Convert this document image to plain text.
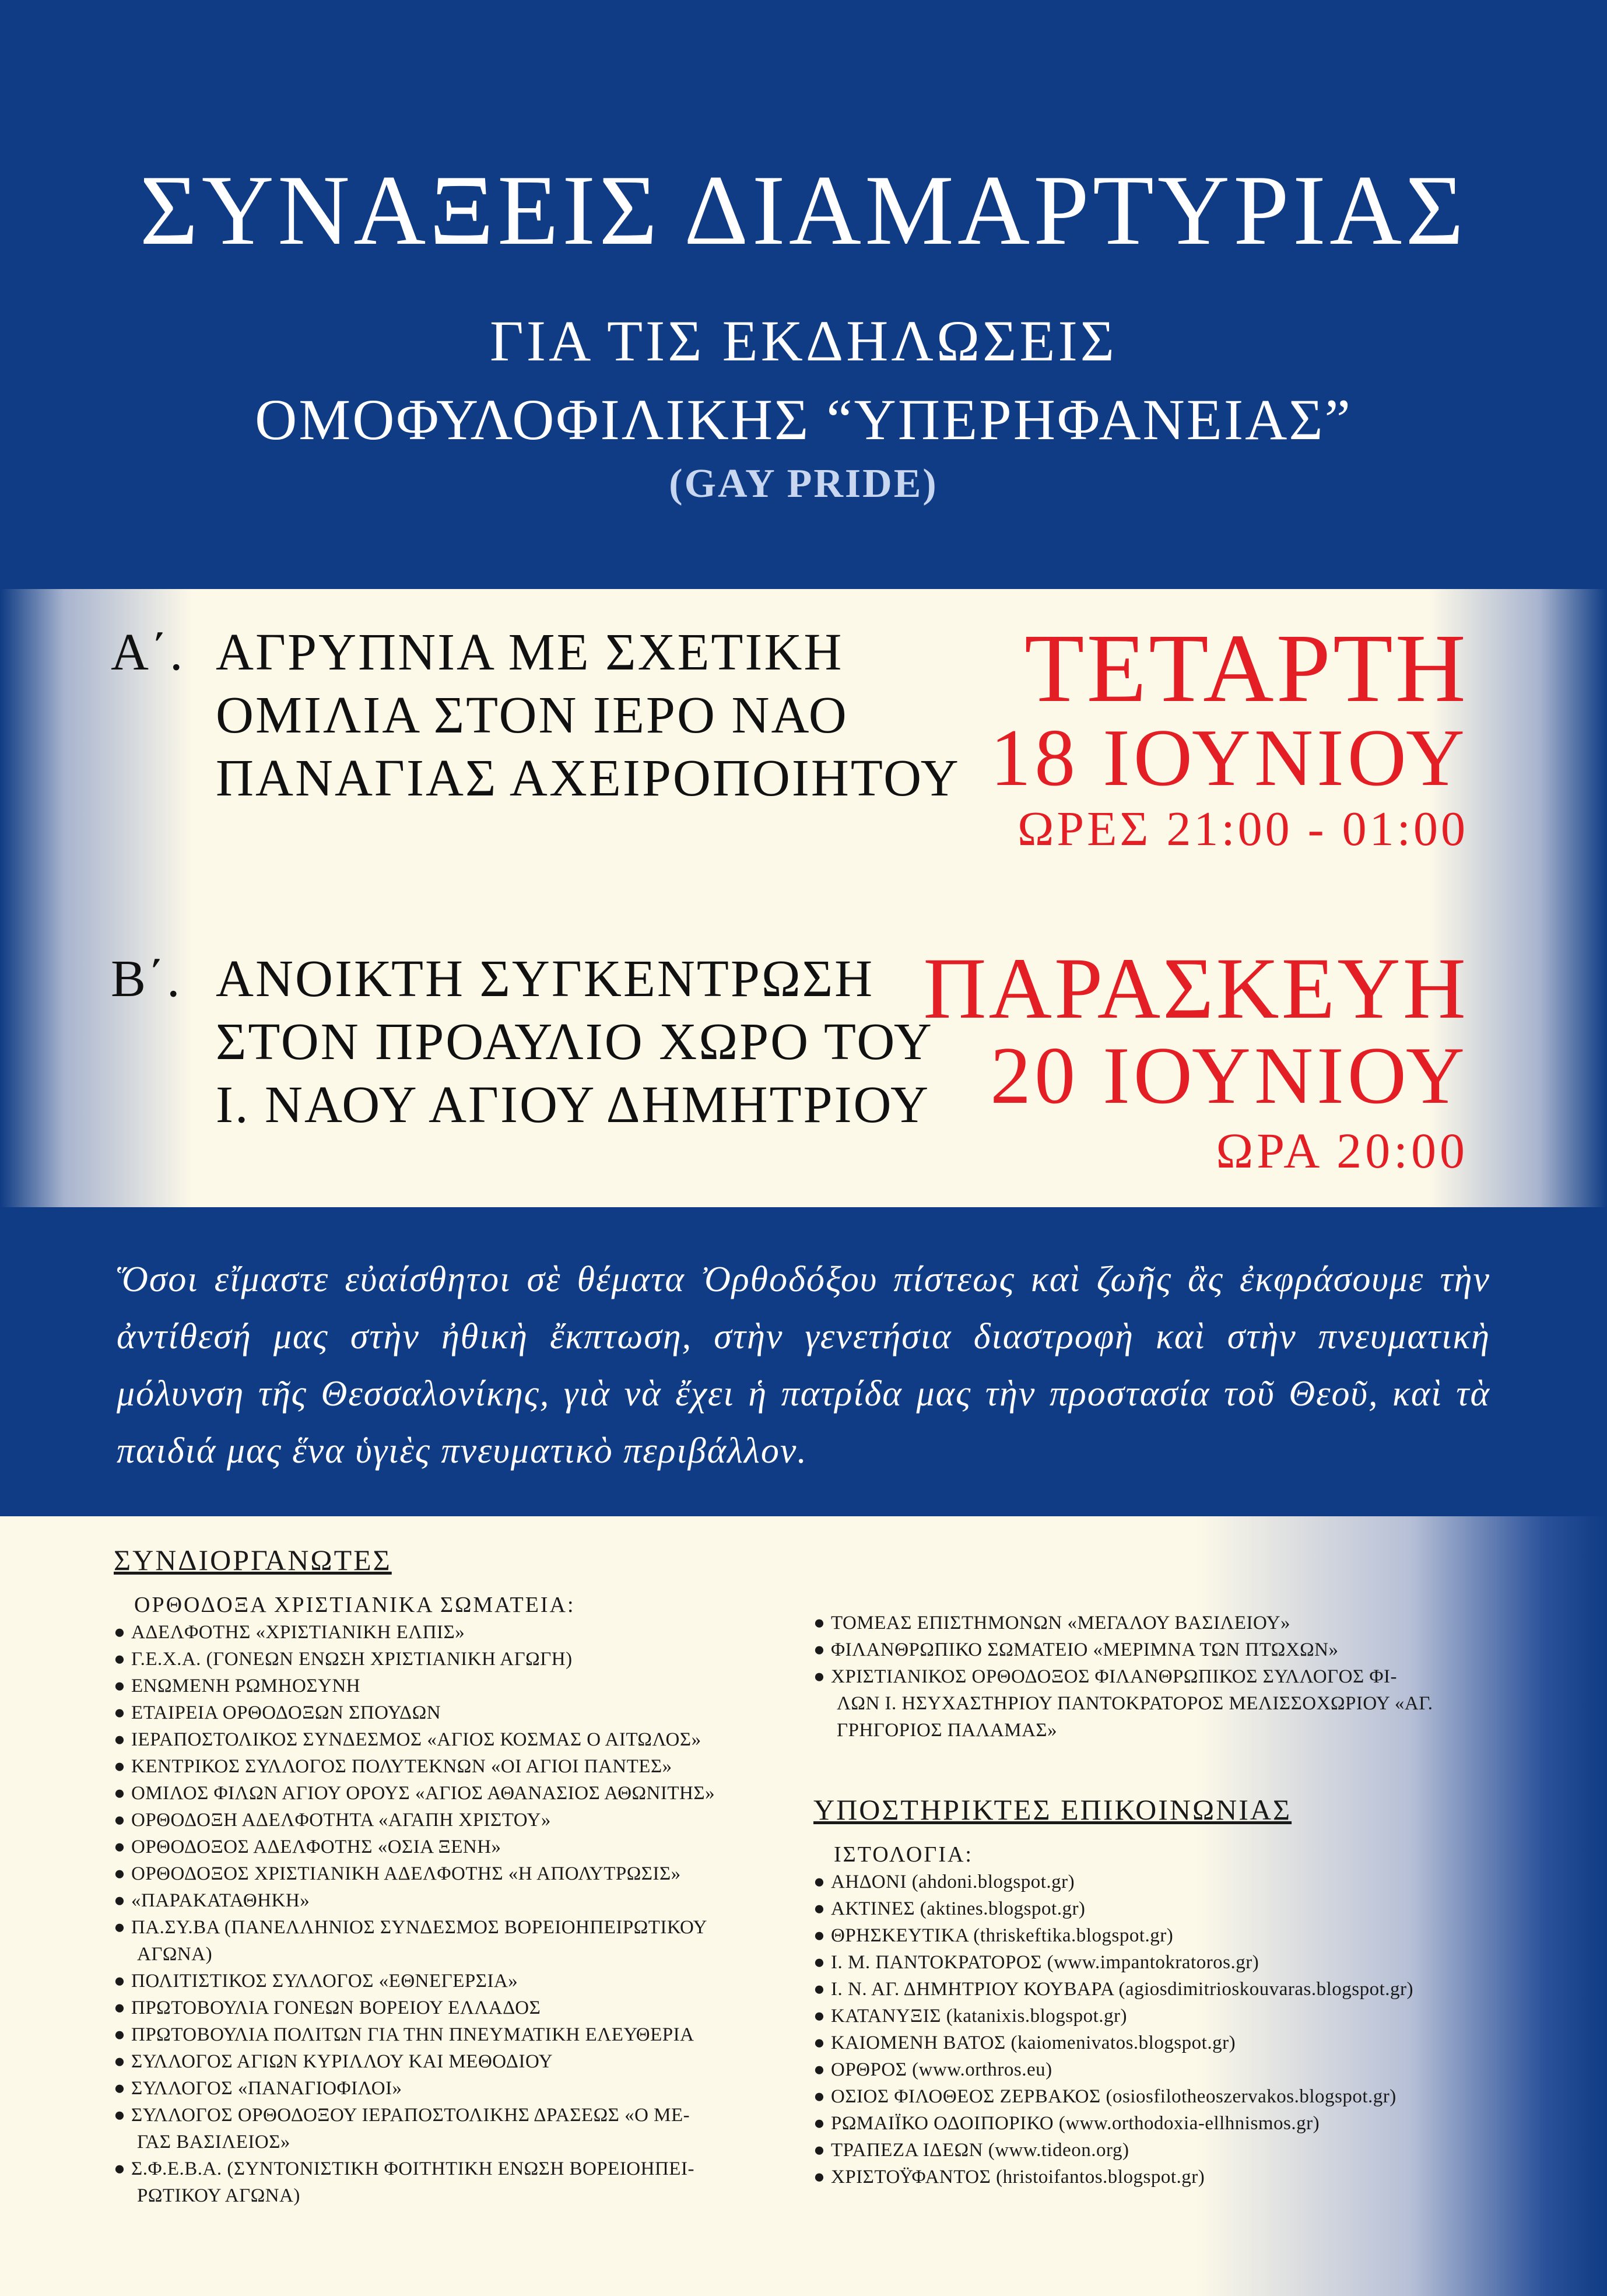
ΣΥΝΑΞΕΙΣ ΔΙΑΜΑΡΤΥΡΙΑΣ
ΓΙΑ ΤΙΣ ΕΚΔΗΛΩΣΕΙΣ
ΟΜΟΦΥΛΟΦΙΛΙΚΗΣ “ΥΠΕΡΗΦΑΝΕΙΑΣ”
(GAY PRIDE)
Α΄. ΑΓΡΥΠΝΙΑ ΜΕ ΣΧΕΤΙΚΗ
ΟΜΙΛΙΑ ΣΤΟΝ ΙΕΡΟ ΝΑΟ
ΠΑΝΑΓΙΑΣ ΑΧΕΙΡΟΠΟΙΗΤΟΥ
ΤΕΤΑΡΤΗ
18 ΙΟΥΝΙΟΥ
ΩΡΕΣ 21:00 - 01:00
Β΄. ΑΝΟΙΚΤΗ ΣΥΓΚΕΝΤΡΩΣΗ
ΣΤΟΝ ΠΡΟΑΥΛΙΟ ΧΩΡΟ ΤΟΥ
Ι. ΝΑΟΥ ΑΓΙΟΥ ΔΗΜΗΤΡΙΟΥ
ΠΑΡΑΣΚΕΥΗ
20 ΙΟΥΝΙΟΥ
ΩΡΑ 20:00
Ὅσοι εἴμαστε εὐαίσθητοι σὲ θέματα Ὀρθοδόξου πίστεως καὶ ζωῆς ἂς ἐκφράσουμε τὴν ἀντίθεσή μας στὴν ἠθικὴ ἔκπτωση, στὴν γενετήσια διαστροφὴ καὶ στὴν πνευματικὴ μόλυνση τῆς Θεσσαλονίκης, γιὰ νὰ ἔχει ἡ πατρίδα μας τὴν προστασία τοῦ Θεοῦ, καὶ τὰ παιδιά μας ἕνα ὑγιὲς πνευματικὸ περιβάλλον.
ΣΥΝΔΙΟΡΓΑΝΩΤΕΣ
ΟΡΘΟΔΟΞΑ ΧΡΙΣΤΙΑΝΙΚΑ ΣΩΜΑΤΕΙΑ:
● ΑΔΕΛΦΟΤΗΣ «ΧΡΙΣΤΙΑΝΙΚΗ ΕΛΠΙΣ»
● Γ.Ε.Χ.Α. (ΓΟΝΕΩΝ ΕΝΩΣΗ ΧΡΙΣΤΙΑΝΙΚΗ ΑΓΩΓΗ)
● ΕΝΩΜΕΝΗ ΡΩΜΗΟΣΥΝΗ
● ΕΤΑΙΡΕΙΑ ΟΡΘΟΔΟΞΩΝ ΣΠΟΥΔΩΝ
● ΙΕΡΑΠΟΣΤΟΛΙΚΟΣ ΣΥΝΔΕΣΜΟΣ «ΑΓΙΟΣ ΚΟΣΜΑΣ Ο ΑΙΤΩΛΟΣ»
● ΚΕΝΤΡΙΚΟΣ ΣΥΛΛΟΓΟΣ ΠΟΛΥΤΕΚΝΩΝ «ΟΙ ΑΓΙΟΙ ΠΑΝΤΕΣ»
● ΟΜΙΛΟΣ ΦΙΛΩΝ ΑΓΙΟΥ ΟΡΟΥΣ «ΑΓΙΟΣ ΑΘΑΝΑΣΙΟΣ ΑΘΩΝΙΤΗΣ»
● ΟΡΘΟΔΟΞΗ ΑΔΕΛΦΟΤΗΤΑ «ΑΓΑΠΗ ΧΡΙΣΤΟΥ»
● ΟΡΘΟΔΟΞΟΣ ΑΔΕΛΦΟΤΗΣ «ΟΣΙΑ ΞΕΝΗ»
● ΟΡΘΟΔΟΞΟΣ ΧΡΙΣΤΙΑΝΙΚΗ ΑΔΕΛΦΟΤΗΣ «Η ΑΠΟΛΥΤΡΩΣΙΣ»
● «ΠΑΡΑΚΑΤΑΘΗΚΗ»
● ΠΑ.ΣΥ.ΒΑ (ΠΑΝΕΛΛΗΝΙΟΣ ΣΥΝΔΕΣΜΟΣ ΒΟΡΕΙΟΗΠΕΙΡΩΤΙΚΟΥ
ΑΓΩΝΑ)
● ΠΟΛΙΤΙΣΤΙΚΟΣ ΣΥΛΛΟΓΟΣ «ΕΘΝΕΓΕΡΣΙΑ»
● ΠΡΩΤΟΒΟΥΛΙΑ ΓΟΝΕΩΝ ΒΟΡΕΙΟΥ ΕΛΛΑΔΟΣ
● ΠΡΩΤΟΒΟΥΛΙΑ ΠΟΛΙΤΩΝ ΓΙΑ ΤΗΝ ΠΝΕΥΜΑΤΙΚΗ ΕΛΕΥΘΕΡΙΑ
● ΣΥΛΛΟΓΟΣ ΑΓΙΩΝ ΚΥΡΙΛΛΟΥ ΚΑΙ ΜΕΘΟΔΙΟΥ
● ΣΥΛΛΟΓΟΣ «ΠΑΝΑΓΙΟΦΙΛΟΙ»
● ΣΥΛΛΟΓΟΣ ΟΡΘΟΔΟΞΟΥ ΙΕΡΑΠΟΣΤΟΛΙΚΗΣ ΔΡΑΣΕΩΣ «Ο ΜΕ-
ΓΑΣ ΒΑΣΙΛΕΙΟΣ»
● Σ.Φ.Ε.Β.Α. (ΣΥΝΤΟΝΙΣΤΙΚΗ ΦΟΙΤΗΤΙΚΗ ΕΝΩΣΗ ΒΟΡΕΙΟΗΠΕΙ-
ΡΩΤΙΚΟΥ ΑΓΩΝΑ)
● ΤΟΜΕΑΣ ΕΠΙΣΤΗΜΟΝΩΝ «ΜΕΓΑΛΟΥ ΒΑΣΙΛΕΙΟΥ»
● ΦΙΛΑΝΘΡΩΠΙΚΟ ΣΩΜΑΤΕΙΟ «ΜΕΡΙΜΝΑ ΤΩΝ ΠΤΩΧΩΝ»
● ΧΡΙΣΤΙΑΝΙΚΟΣ ΟΡΘΟΔΟΞΟΣ ΦΙΛΑΝΘΡΩΠΙΚΟΣ ΣΥΛΛΟΓΟΣ ΦΙ-
ΛΩΝ Ι. ΗΣΥΧΑΣΤΗΡΙΟΥ ΠΑΝΤΟΚΡΑΤΟΡΟΣ ΜΕΛΙΣΣΟΧΩΡΙΟΥ «ΑΓ. ΓΡΗΓΟΡΙΟΣ ΠΑΛΑΜΑΣ»
ΥΠΟΣΤΗΡΙΚΤΕΣ ΕΠΙΚΟΙΝΩΝΙΑΣ
ΙΣΤΟΛΟΓΙΑ:
● ΑΗΔΟΝΙ (ahdoni.blogspot.gr)
● ΑΚΤΙΝΕΣ (aktines.blogspot.gr)
● ΘΡΗΣΚΕΥΤΙΚΑ (thriskeftika.blogspot.gr)
● Ι. Μ. ΠΑΝΤΟΚΡΑΤΟΡΟΣ (www.impantokratoros.gr)
● Ι. Ν. ΑΓ. ΔΗΜΗΤΡΙΟΥ ΚΟΥΒΑΡΑ (agiosdimitrioskouvaras.blogspot.gr)
● ΚΑΤΑΝΥΞΙΣ (katanixis.blogspot.gr)
● ΚΑΙΟΜΕΝΗ ΒΑΤΟΣ (kaiomenivatos.blogspot.gr)
● ΟΡΘΡΟΣ (www.orthros.eu)
● ΟΣΙΟΣ ΦΙΛΟΘΕΟΣ ΖΕΡΒΑΚΟΣ (osiosfilotheoszervakos.blogspot.gr)
● ΡΩΜΑΙΪΚΟ ΟΔΟΙΠΟΡΙΚΟ (www.orthodoxia-ellhnismos.gr)
● ΤΡΑΠΕΖΑ ΙΔΕΩΝ (www.tideon.org)
● ΧΡΙΣΤΟΫΦΑΝΤΟΣ (hristoifantos.blogspot.gr)
